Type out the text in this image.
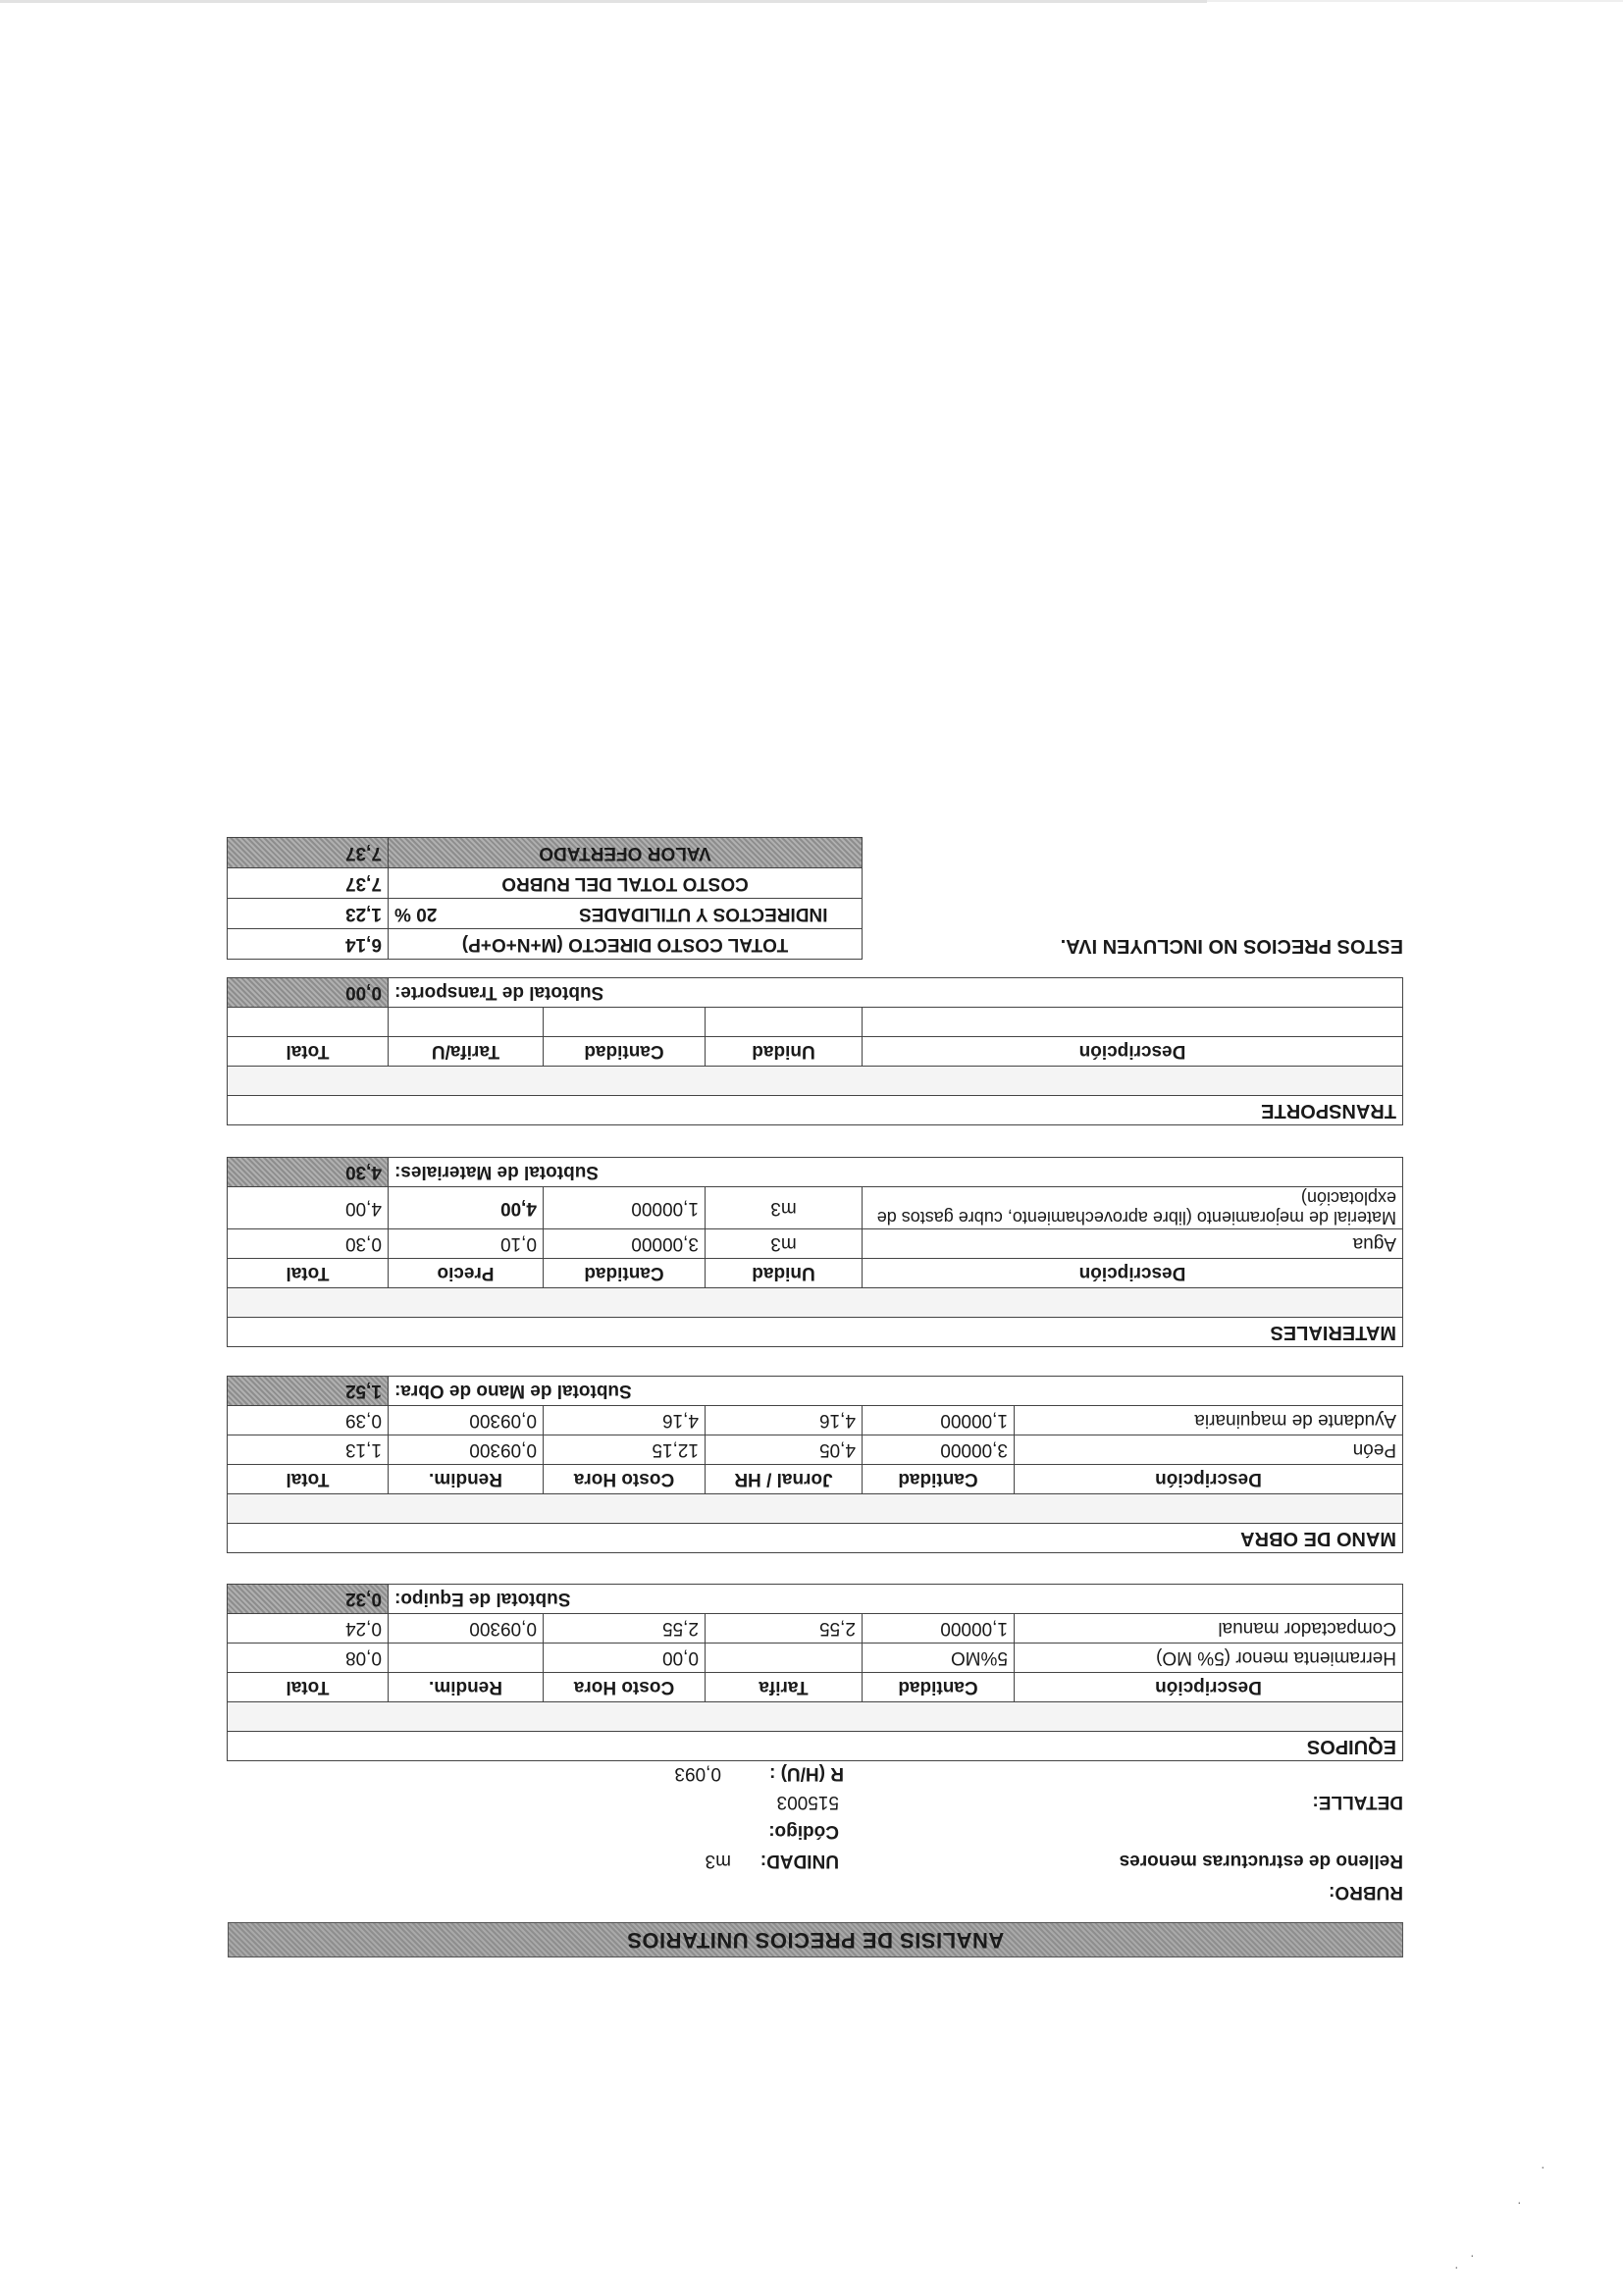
ANALISIS DE PRECIOS UNITARIOS
RUBRO:
Relleno de estructuras menores
UNIDAD:
m3
Código:
515003	DETALLE:
R (H/U) :
0,093
EQUIPOS					

Descripción	Cantidad	Tarifa	Costo Hora	Rendim.	Total
Herramienta menor (5% MO)	5%MO		0,00		0,08
Compactador manual	1,00000	2,55	2,55	0,09300	0,24
Subtotal de Equipo:					0,32
MANO DE OBRA					

Descripción	Cantidad	Jornal / HR	Costo Hora	Rendim.	Total
Peón	3,00000	4,05	12,15	0,09300	1,13
Ayudante de maquinaria	1,00000	4,16	4,16	0,09300	0,39
Subtotal de Mano de Obra:					1,52
MATERIALES				

Descripción	Unidad	Cantidad	Precio	Total
Agua	m3	3,00000	0,10	0,30
Material de mejoramiento (libre aprovechamiento, cubre gastos de explotación)	m3	1,00000	4,00	4,00
Subtotal de Materiales:				4,30
TRANSPORTE				

Descripción	Unidad	Cantidad	Tarifa/U	Total

Subtotal de Transporte:				0,00
ESTOS PRECIOS NO INCLUYEN IVA.
TOTAL COSTO DIRECTO (M+N+O+P)		6,14
INDIRECTOS Y UTILIDADES	20 %	1,23
COSTO TOTAL DEL RUBRO		7,37
VALOR OFERTADO		7,37
·
·
·
·
